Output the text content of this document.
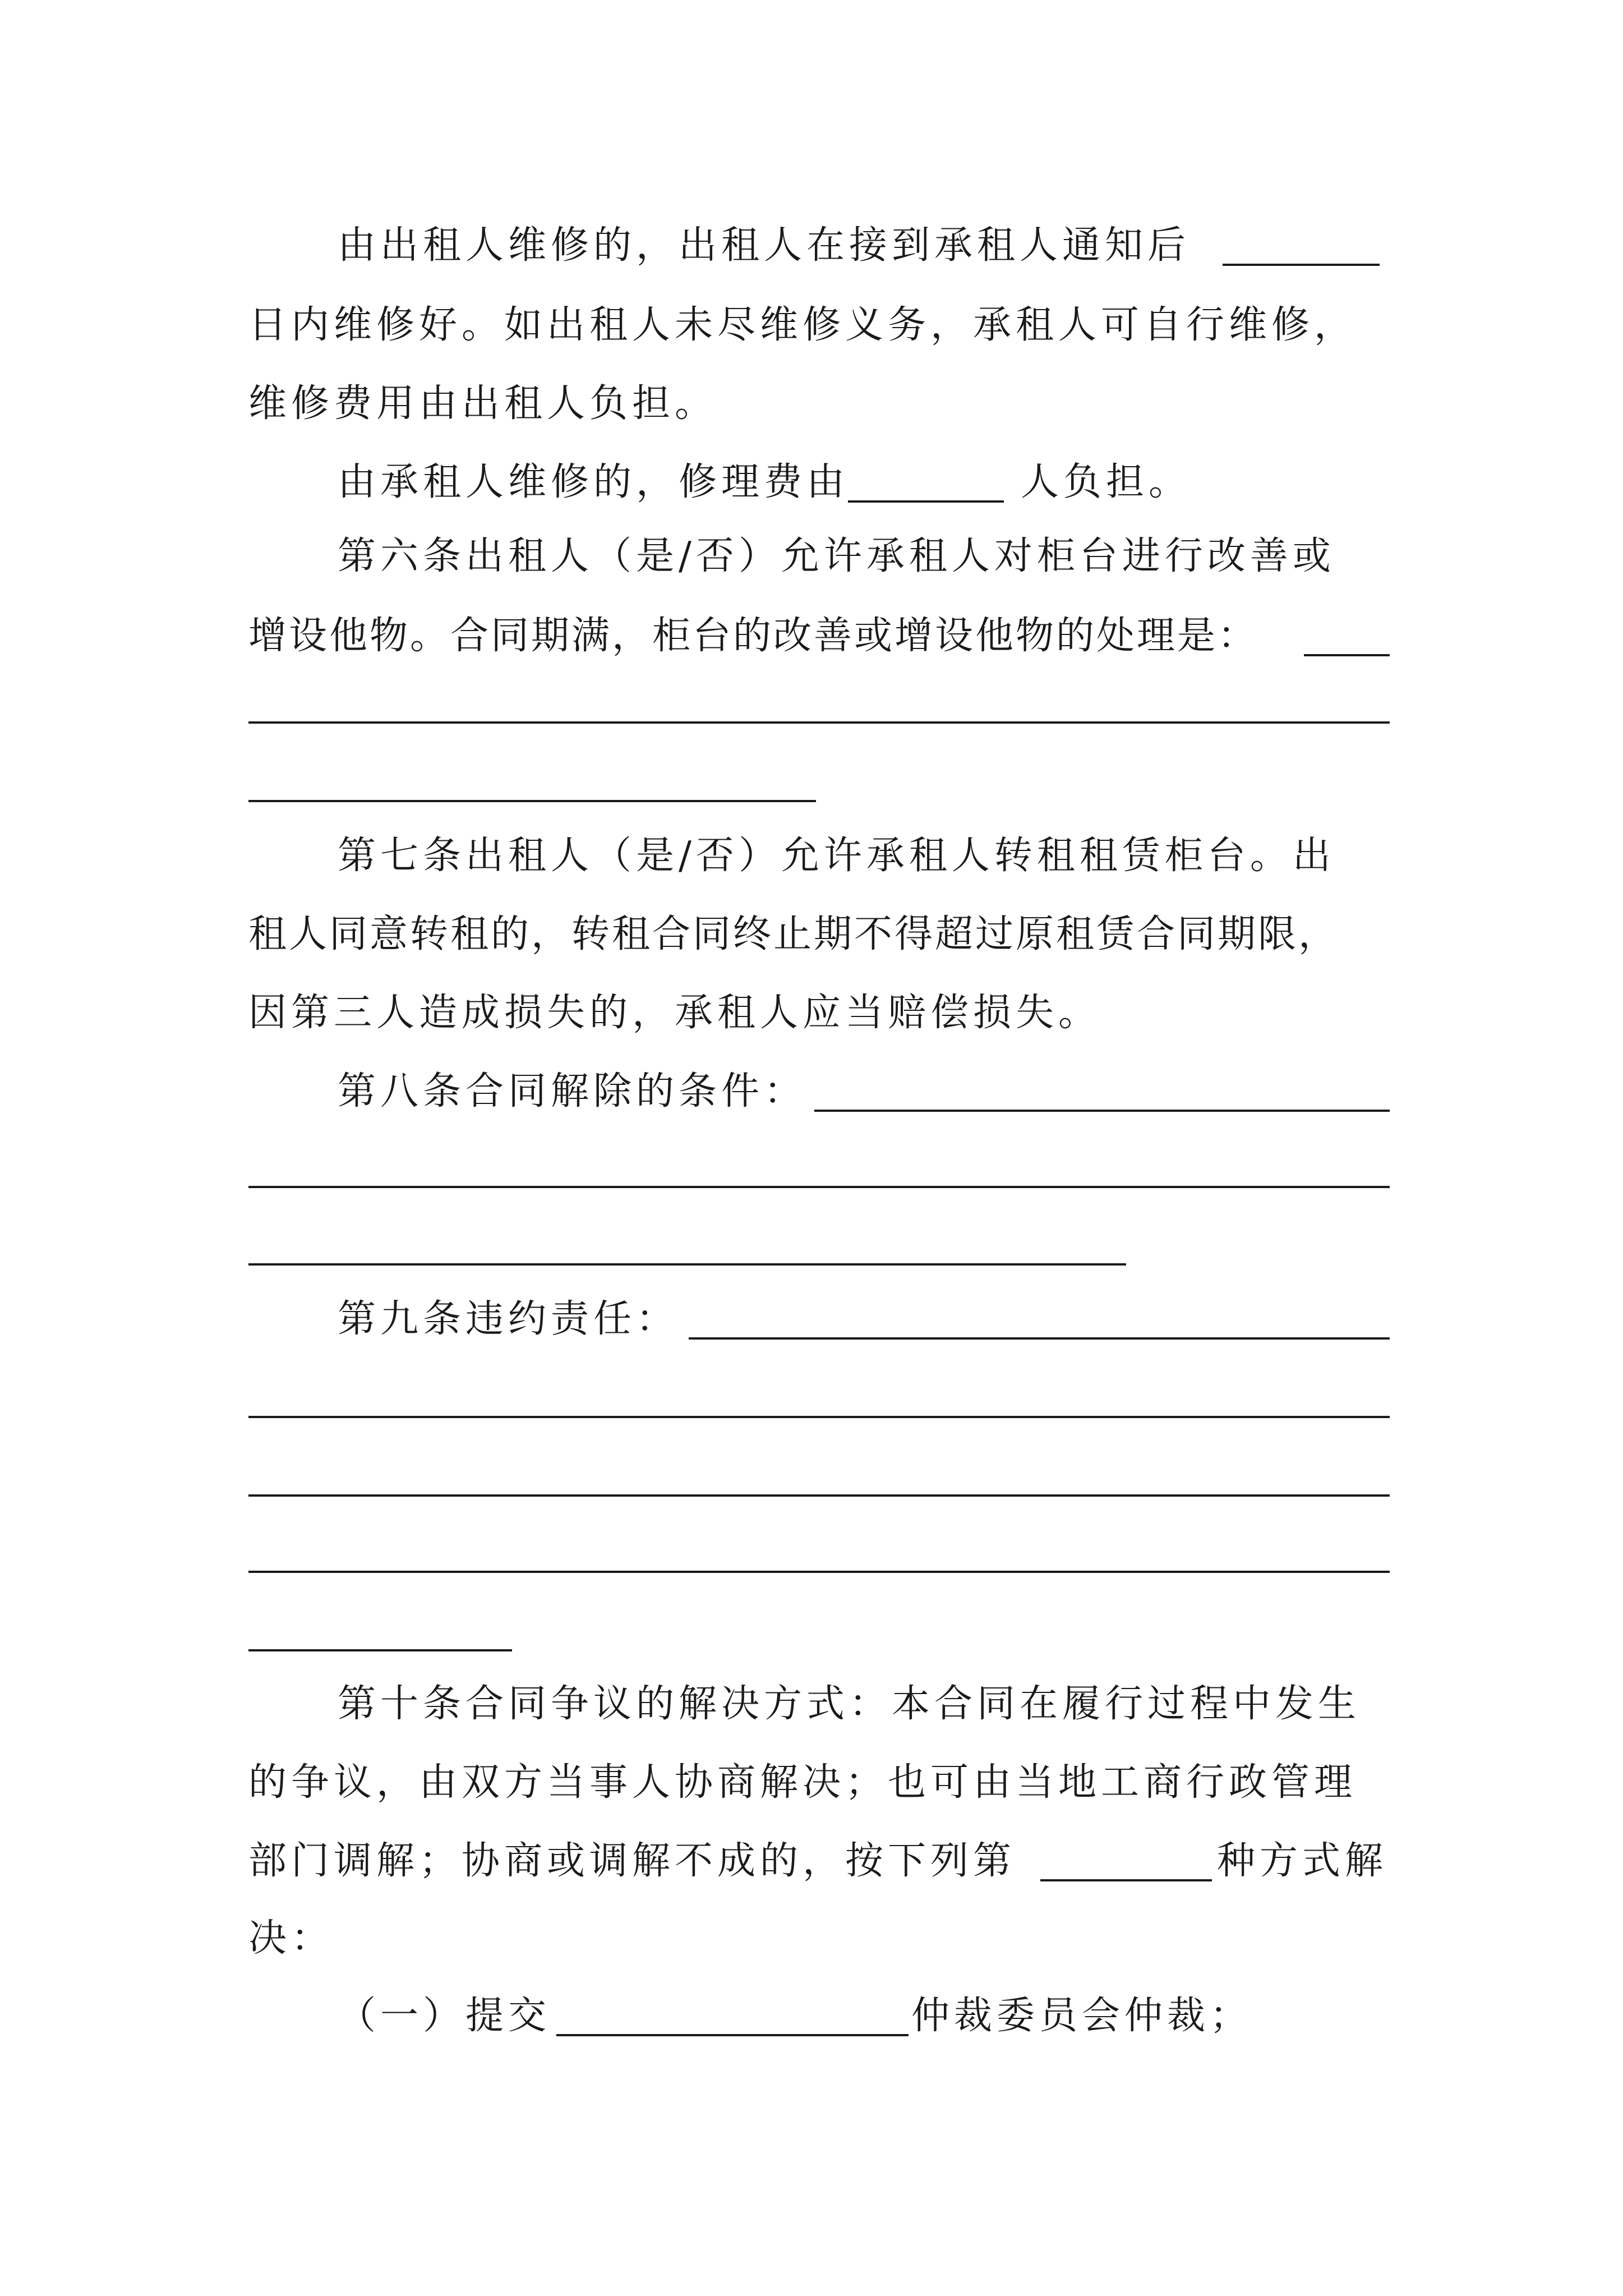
由出租人维修的，出租人在接到承租人通知后
日内维修好。如出租人未尽维修义务，承租人可自行维修，
维修费用由出租人负担。
由承租人维修的，修理费由	人负担。
第六条出租人（是/否）允许承租人对柜台进行改善或
增设他物。合同期满，柜台的改善或增设他物的处理是：
第七条出租人（是/否）允许承租人转租租赁柜台。出
租人同意转租的，转租合同终止期不得超过原租赁合同期限，
因第三人造成损失的，承租人应当赔偿损失。
第八条合同解除的条件：
第九条违约责任：
第十条合同争议的解决方式：本合同在履行过程中发生
的争议，由双方当事人协商解决；也可由当地工商行政管理
部门调解；协商或调解不成的，按下列第	种方式解
决：
（一）提交	仲裁委员会仲裁；
